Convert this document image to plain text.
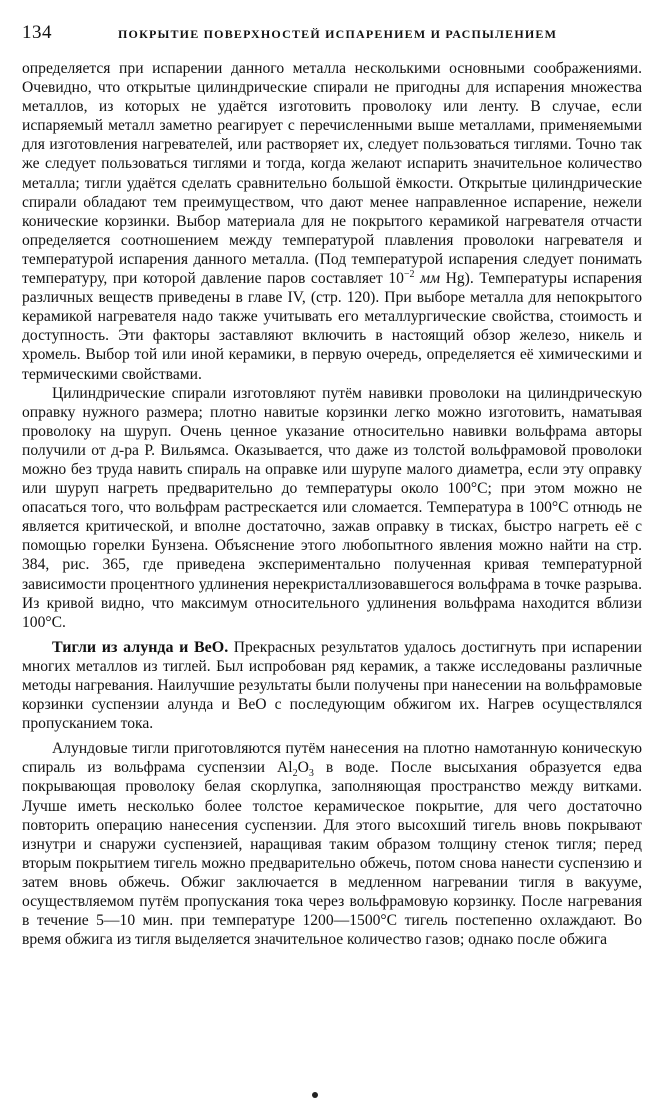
134	ПОКРЫТИЕ ПОВЕРХНОСТЕЙ ИСПАРЕНИЕМ И РАСПЫЛЕНИЕМ

определяется при испарении данного металла несколькими основными соображениями. Очевидно, что открытые цилиндрические спирали не пригодны для испарения множества металлов, из которых не удаётся изготовить проволоку или ленту. В случае, если испаряемый металл заметно реагирует с перечисленными выше металлами, применяемыми для изготовления нагревателей, или растворяет их, следует пользоваться тиглями. Точно так же следует пользоваться тиглями и тогда, когда желают испарить значительное количество металла; тигли удаётся сделать сравнительно большой ёмкости. Открытые цилиндрические спирали обладают тем преимуществом, что дают менее направленное испарение, нежели конические корзинки. Выбор материала для не покрытого керамикой нагревателя отчасти определяется соотношением между температурой плавления проволоки нагревателя и температурой испарения данного металла. (Под температурой испарения следует понимать температуру, при которой давление паров составляет $10^{-2}$ мм Hg). Температуры испарения различных веществ приведены в главе IV, (стр. 120). При выборе металла для непокрытого керамикой нагревателя надо также учитывать его металлургические свойства, стоимость и доступность. Эти факторы заставляют включить в настоящий обзор железо, никель и хромель. Выбор той или иной керамики, в первую очередь, определяется её химическими и термическими свойствами.

Цилиндрические спирали изготовляют путём навивки проволоки на цилиндрическую оправку нужного размера; плотно навитые корзинки легко можно изготовить, наматывая проволоку на шуруп. Очень ценное указание относительно навивки вольфрама авторы получили от д-ра Р. Вильямса. Оказывается, что даже из толстой вольфрамовой проволоки можно без труда навить спираль на оправке или шурупе малого диаметра, если эту оправку или шуруп нагреть предварительно до температуры около 100°C; при этом можно не опасаться того, что вольфрам растрескается или сломается. Температура в 100°C отнюдь не является критической, и вполне достаточно, зажав оправку в тисках, быстро нагреть её с помощью горелки Бунзена. Объяснение этого любопытного явления можно найти на стр. 384, рис. 365, где приведена экспериментально полученная кривая температурной зависимости процентного удлинения нерекристаллизовавшегося вольфрама в точке разрыва. Из кривой видно, что максимум относительного удлинения вольфрама находится вблизи 100°C.

Тигли из алунда и BeO. Прекрасных результатов удалось достигнуть при испарении многих металлов из тиглей. Был испробован ряд керамик, а также исследованы различные методы нагревания. Наилучшие результаты были получены при нанесении на вольфрамовые корзинки суспензии алунда и BeO с последующим обжигом их. Нагрев осуществлялся пропусканием тока.

Алундовые тигли приготовляются путём нанесения на плотно намотанную коническую спираль из вольфрама суспензии $Al_2O_3$ в воде. После высыхания образуется едва покрывающая проволоку белая скорлупка, заполняющая пространство между витками. Лучше иметь несколько более толстое керамическое покрытие, для чего достаточно повторить операцию нанесения суспензии. Для этого высохший тигель вновь покрывают изнутри и снаружи суспензией, наращивая таким образом толщину стенок тигля; перед вторым покрытием тигель можно предварительно обжечь, потом снова нанести суспензию и затем вновь обжечь. Обжиг заключается в медленном нагревании тигля в вакууме, осуществляемом путём пропускания тока через вольфрамовую корзинку. После нагревания в течение 5—10 мин. при температуре 1200—1500°C тигель постепенно охлаждают. Во время обжига из тигля выделяется значительное количество газов; однако после обжига
